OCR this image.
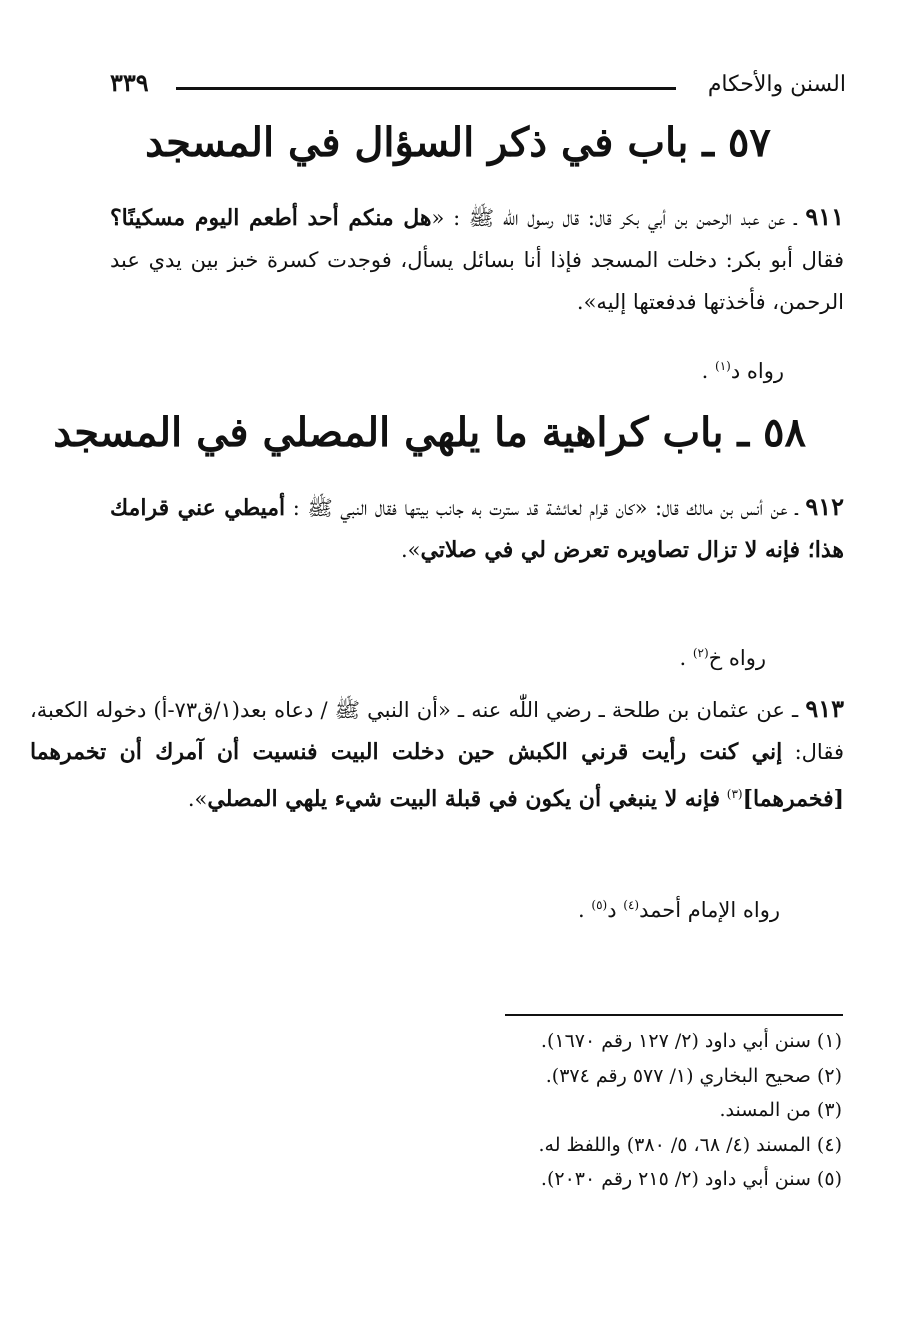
السنن والأحكام
٣٣٩
٥٧ ـ باب في ذكر السؤال في المسجد

٩١١ ـ عن عبد الرحمن بن أبي بكر قال: قال رسول اللّٰه ﷺ : «هل منكم أحد أطعم اليوم مسكينًا؟ فقال أبو بكر: دخلت المسجد فإذا أنا بسائل يسأل، فوجدت كسرة خبز بين يدي عبد الرحمن، فأخذتها فدفعتها إليه».

رواه د$^{(١)}$ .

٥٨ ـ باب كراهية ما يلهي المصلي في المسجد

٩١٢ ـ عن أنس بن مالك قال: «كان قرام لعائشة قد سترت به جانب بيتها فقال النبي ﷺ : أميطي عني قرامك هذا؛ فإنه لا تزال تصاويره تعرض لي في صلاتي».

رواه خ$^{(٢)}$ .

٩١٣ ـ عن عثمان بن طلحة ـ رضي اللّٰه عنه ـ «أن النبي ﷺ / دعاه بعد(١/ق٧٣-أ) دخوله الكعبة، فقال: إني كنت رأيت قرني الكبش حين دخلت البيت فنسيت أن آمرك أن تخمرهما [فخمرهما]$^{(٣)}$ فإنه لا ينبغي أن يكون في قبلة البيت شيء يلهي المصلي».

رواه الإمام أحمد$^{(٤)}$ د$^{(٥)}$ .

(١) سنن أبي داود (٢/ ١٢٧ رقم ١٦٧٠).
(٢) صحيح البخاري (١/ ٥٧٧ رقم ٣٧٤).
(٣) من المسند.
(٤) المسند (٤/ ٦٨، ٥/ ٣٨٠) واللفظ له.
(٥) سنن أبي داود (٢/ ٢١٥ رقم ٢٠٣٠).
